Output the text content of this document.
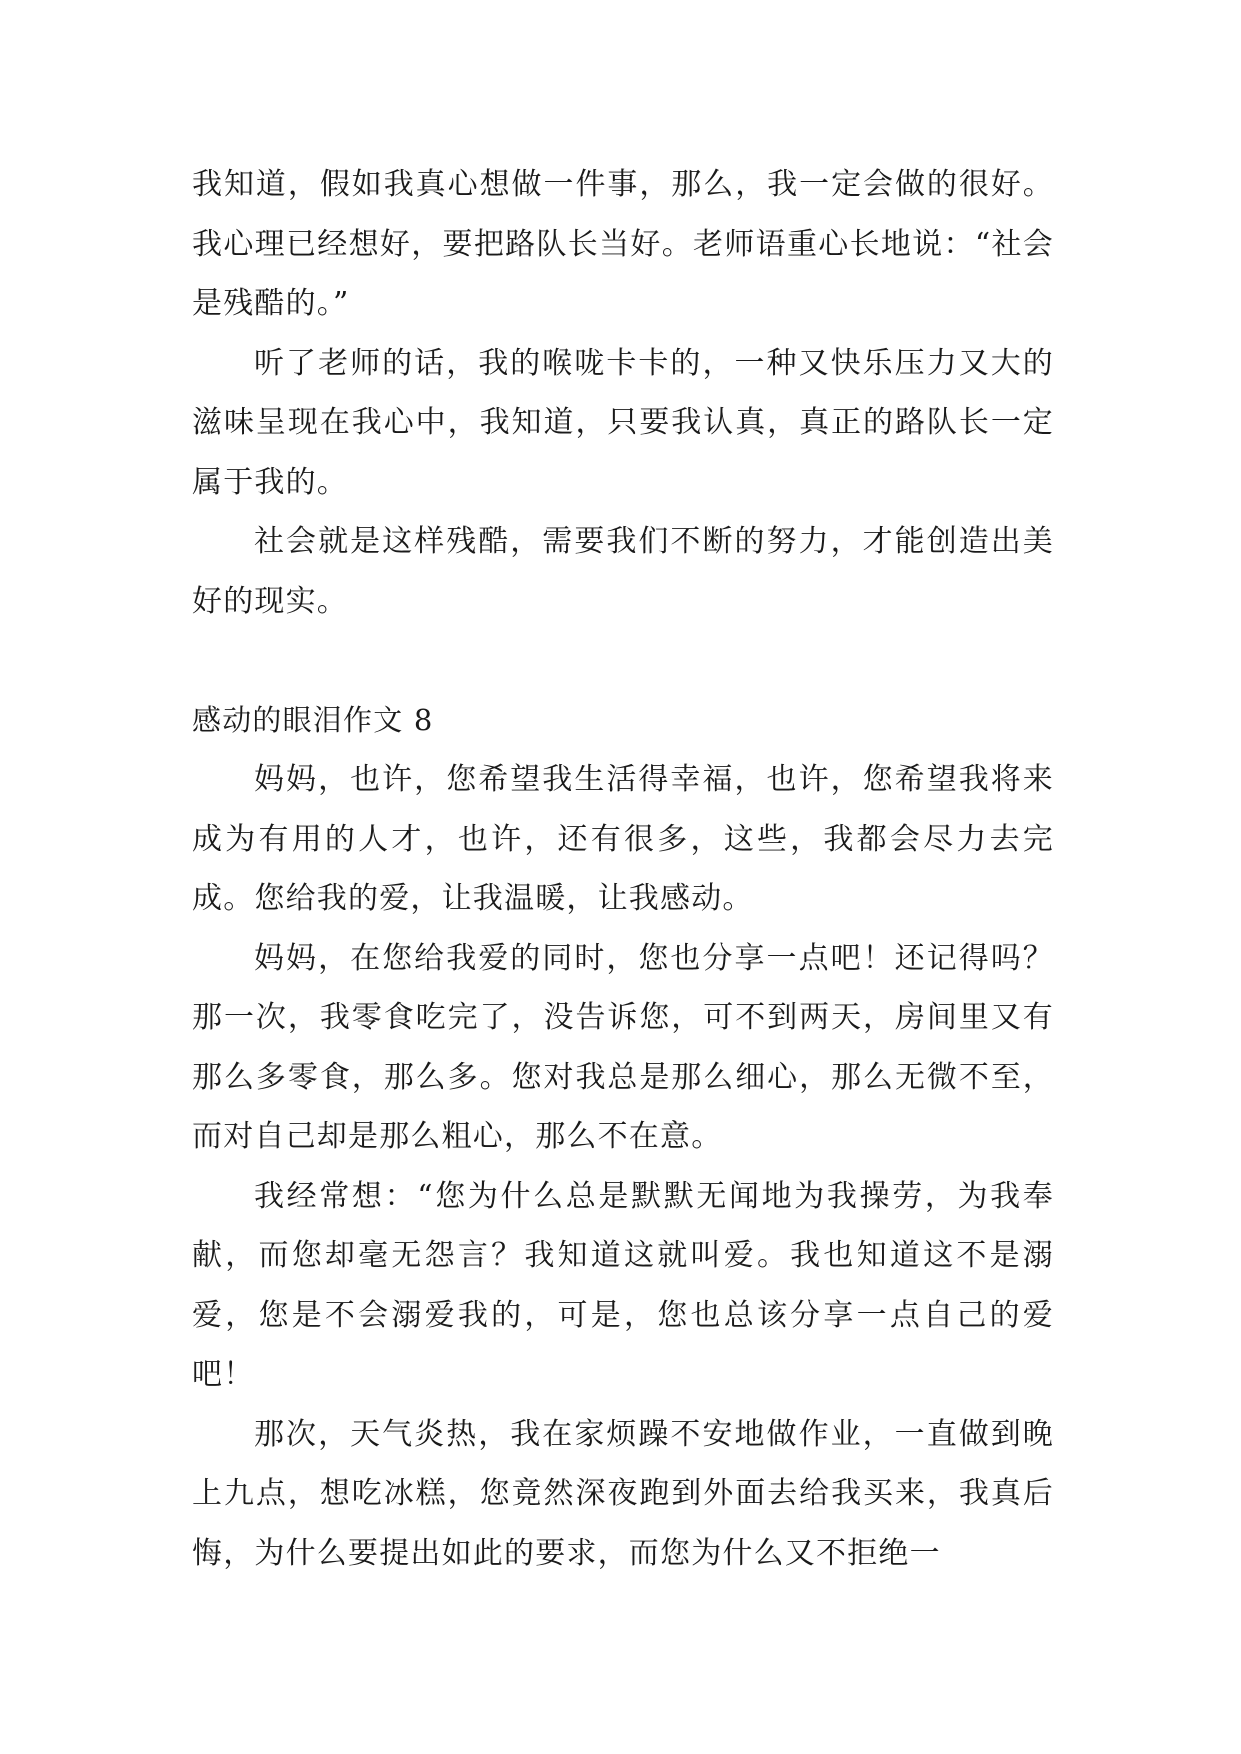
我知道，假如我真心想做一件事，那么，我一定会做的很好。我心理已经想好，要把路队长当好。老师语重心长地说：“社会是残酷的。”

听了老师的话，我的喉咙卡卡的，一种又快乐压力又大的滋味呈现在我心中，我知道，只要我认真，真正的路队长一定属于我的。

社会就是这样残酷，需要我们不断的努力，才能创造出美好的现实。

感动的眼泪作文 8

妈妈，也许，您希望我生活得幸福，也许，您希望我将来成为有用的人才，也许，还有很多，这些，我都会尽力去完成。您给我的爱，让我温暖，让我感动。

妈妈，在您给我爱的同时，您也分享一点吧！还记得吗？那一次，我零食吃完了，没告诉您，可不到两天，房间里又有那么多零食，那么多。您对我总是那么细心，那么无微不至，而对自己却是那么粗心，那么不在意。

我经常想：“您为什么总是默默无闻地为我操劳，为我奉献，而您却毫无怨言？我知道这就叫爱。我也知道这不是溺爱，您是不会溺爱我的，可是，您也总该分享一点自己的爱吧！

那次，天气炎热，我在家烦躁不安地做作业，一直做到晚上九点，想吃冰糕，您竟然深夜跑到外面去给我买来，我真后悔，为什么要提出如此的要求，而您为什么又不拒绝一
